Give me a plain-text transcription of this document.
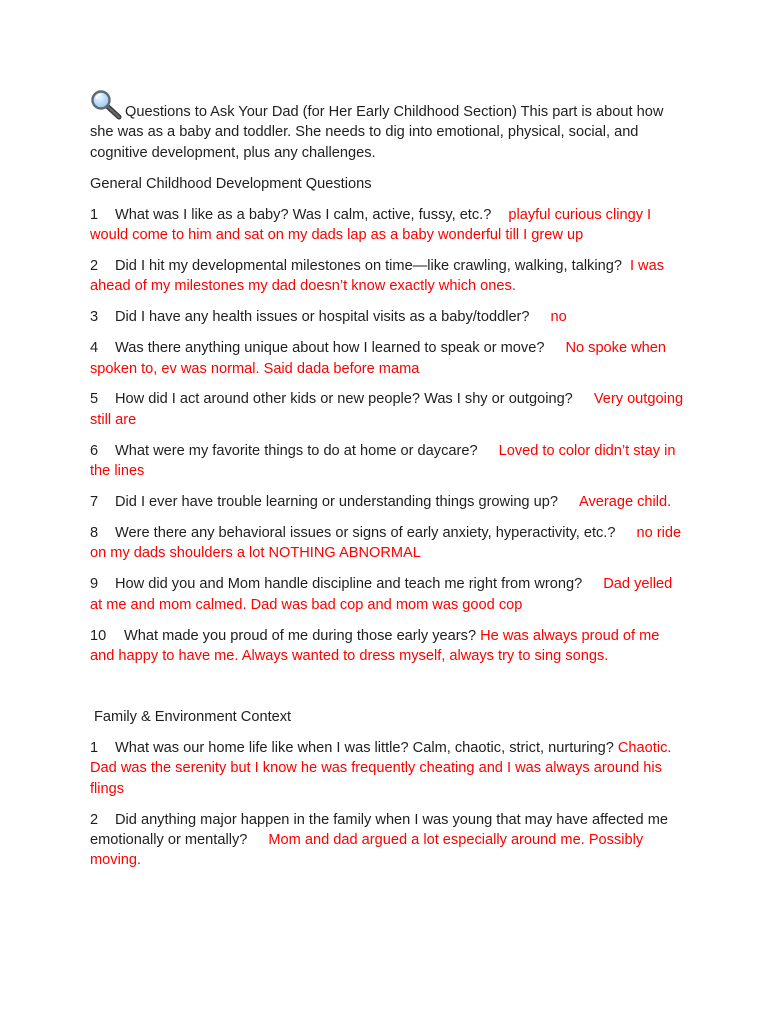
Questions to Ask Your Dad (for Her Early Childhood Section) This part is about how she was as a baby and toddler. She needs to dig into emotional, physical, social, and cognitive development, plus any challenges.

General Childhood Development Questions

1 What was I like as a baby? Was I calm, active, fussy, etc.? playful curious clingy I would come to him and sat on my dads lap as a baby wonderful till I grew up

2 Did I hit my developmental milestones on time—like crawling, walking, talking? I was ahead of my milestones my dad doesn’t know exactly which ones.

3 Did I have any health issues or hospital visits as a baby/toddler? no

4 Was there anything unique about how I learned to speak or move? No spoke when spoken to, ev was normal. Said dada before mama

5 How did I act around other kids or new people? Was I shy or outgoing? Very outgoing still are

6 What were my favorite things to do at home or daycare? Loved to color didn’t stay in the lines

7 Did I ever have trouble learning or understanding things growing up? Average child.

8 Were there any behavioral issues or signs of early anxiety, hyperactivity, etc.? no ride on my dads shoulders a lot NOTHING ABNORMAL

9 How did you and Mom handle discipline and teach me right from wrong? Dad yelled at me and mom calmed. Dad was bad cop and mom was good cop

10 What made you proud of me during those early years? He was always proud of me and happy to have me. Always wanted to dress myself, always try to sing songs.

Family & Environment Context

1 What was our home life like when I was little? Calm, chaotic, strict, nurturing? Chaotic. Dad was the serenity but I know he was frequently cheating and I was always around his flings

2 Did anything major happen in the family when I was young that may have affected me emotionally or mentally? Mom and dad argued a lot especially around me. Possibly moving.
